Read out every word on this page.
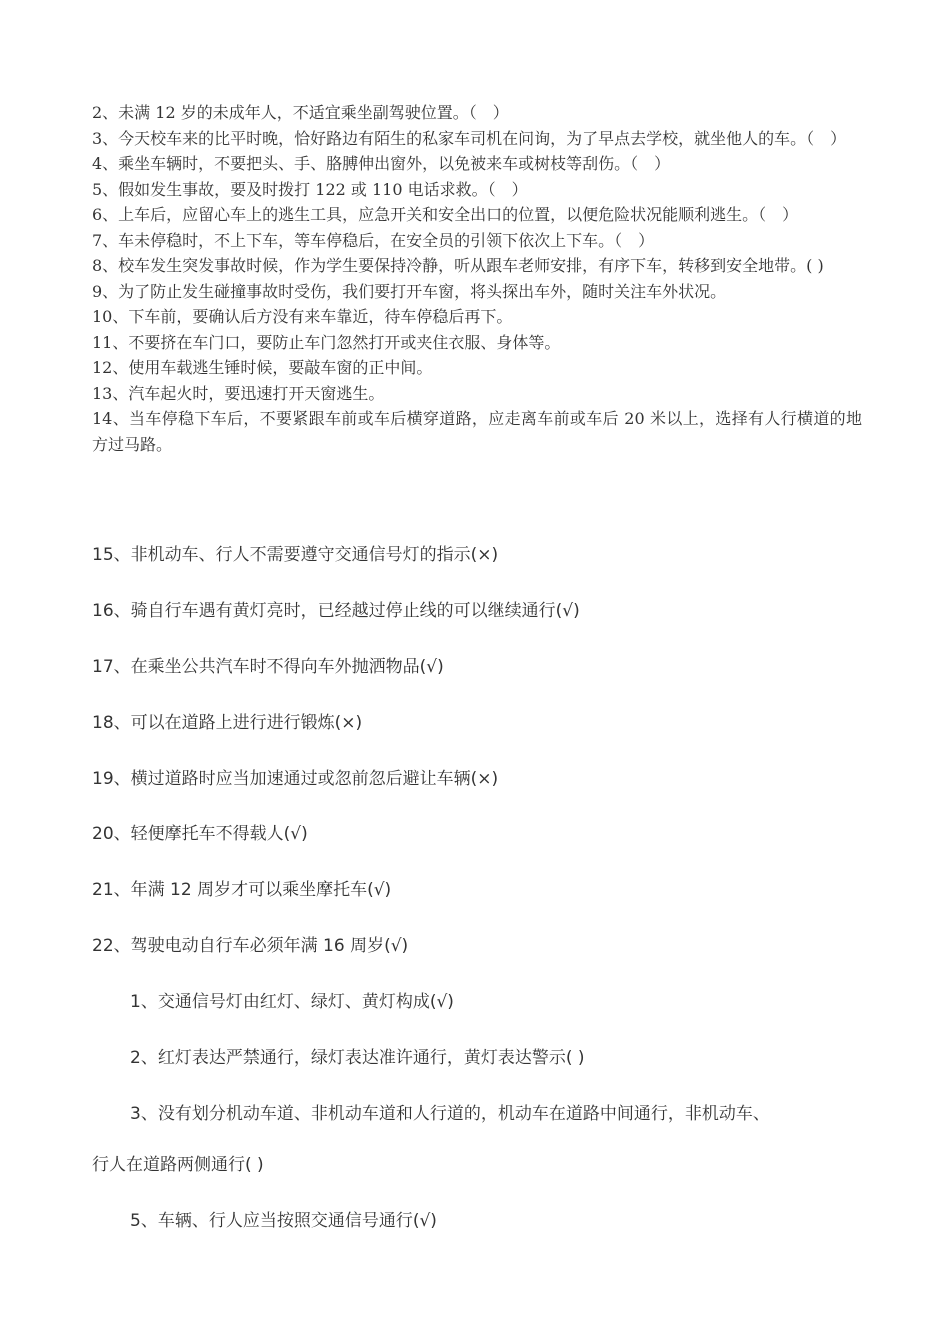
2、未满 12 岁的未成年人，不适宜乘坐副驾驶位置。（　）

3、今天校车来的比平时晚，恰好路边有陌生的私家车司机在问询，为了早点去学校，就坐他人的车。（　）

4、乘坐车辆时，不要把头、手、胳膊伸出窗外，以免被来车或树枝等刮伤。（　）

5、假如发生事故，要及时拨打 122 或 110 电话求救。（　）

6、上车后，应留心车上的逃生工具，应急开关和安全出口的位置，以便危险状况能顺利逃生。（　）

7、车未停稳时，不上下车，等车停稳后，在安全员的引领下依次上下车。（　）

8、校车发生突发事故时候，作为学生要保持冷静，听从跟车老师安排，有序下车，转移到安全地带。( )

9、为了防止发生碰撞事故时受伤，我们要打开车窗，将头探出车外，随时关注车外状况。

10、下车前，要确认后方没有来车靠近，待车停稳后再下。

11、不要挤在车门口，要防止车门忽然打开或夹住衣服、身体等。

12、使用车载逃生锤时候，要敲车窗的正中间。

13、汽车起火时，要迅速打开天窗逃生。

14、当车停稳下车后，不要紧跟车前或车后横穿道路，应走离车前或车后 20 米以上，选择有人行横道的地方过马路。

15、非机动车、行人不需要遵守交通信号灯的指示(×)

16、骑自行车遇有黄灯亮时，已经越过停止线的可以继续通行(√)

17、在乘坐公共汽车时不得向车外抛洒物品(√)

18、可以在道路上进行进行锻炼(×)

19、横过道路时应当加速通过或忽前忽后避让车辆(×)

20、轻便摩托车不得载人(√)

21、年满 12 周岁才可以乘坐摩托车(√)

22、驾驶电动自行车必须年满 16 周岁(√)

1、交通信号灯由红灯、绿灯、黄灯构成(√)

2、红灯表达严禁通行，绿灯表达准许通行，黄灯表达警示( )

3、没有划分机动车道、非机动车道和人行道的，机动车在道路中间通行，非机动车、

行人在道路两侧通行( )

5、车辆、行人应当按照交通信号通行(√)
